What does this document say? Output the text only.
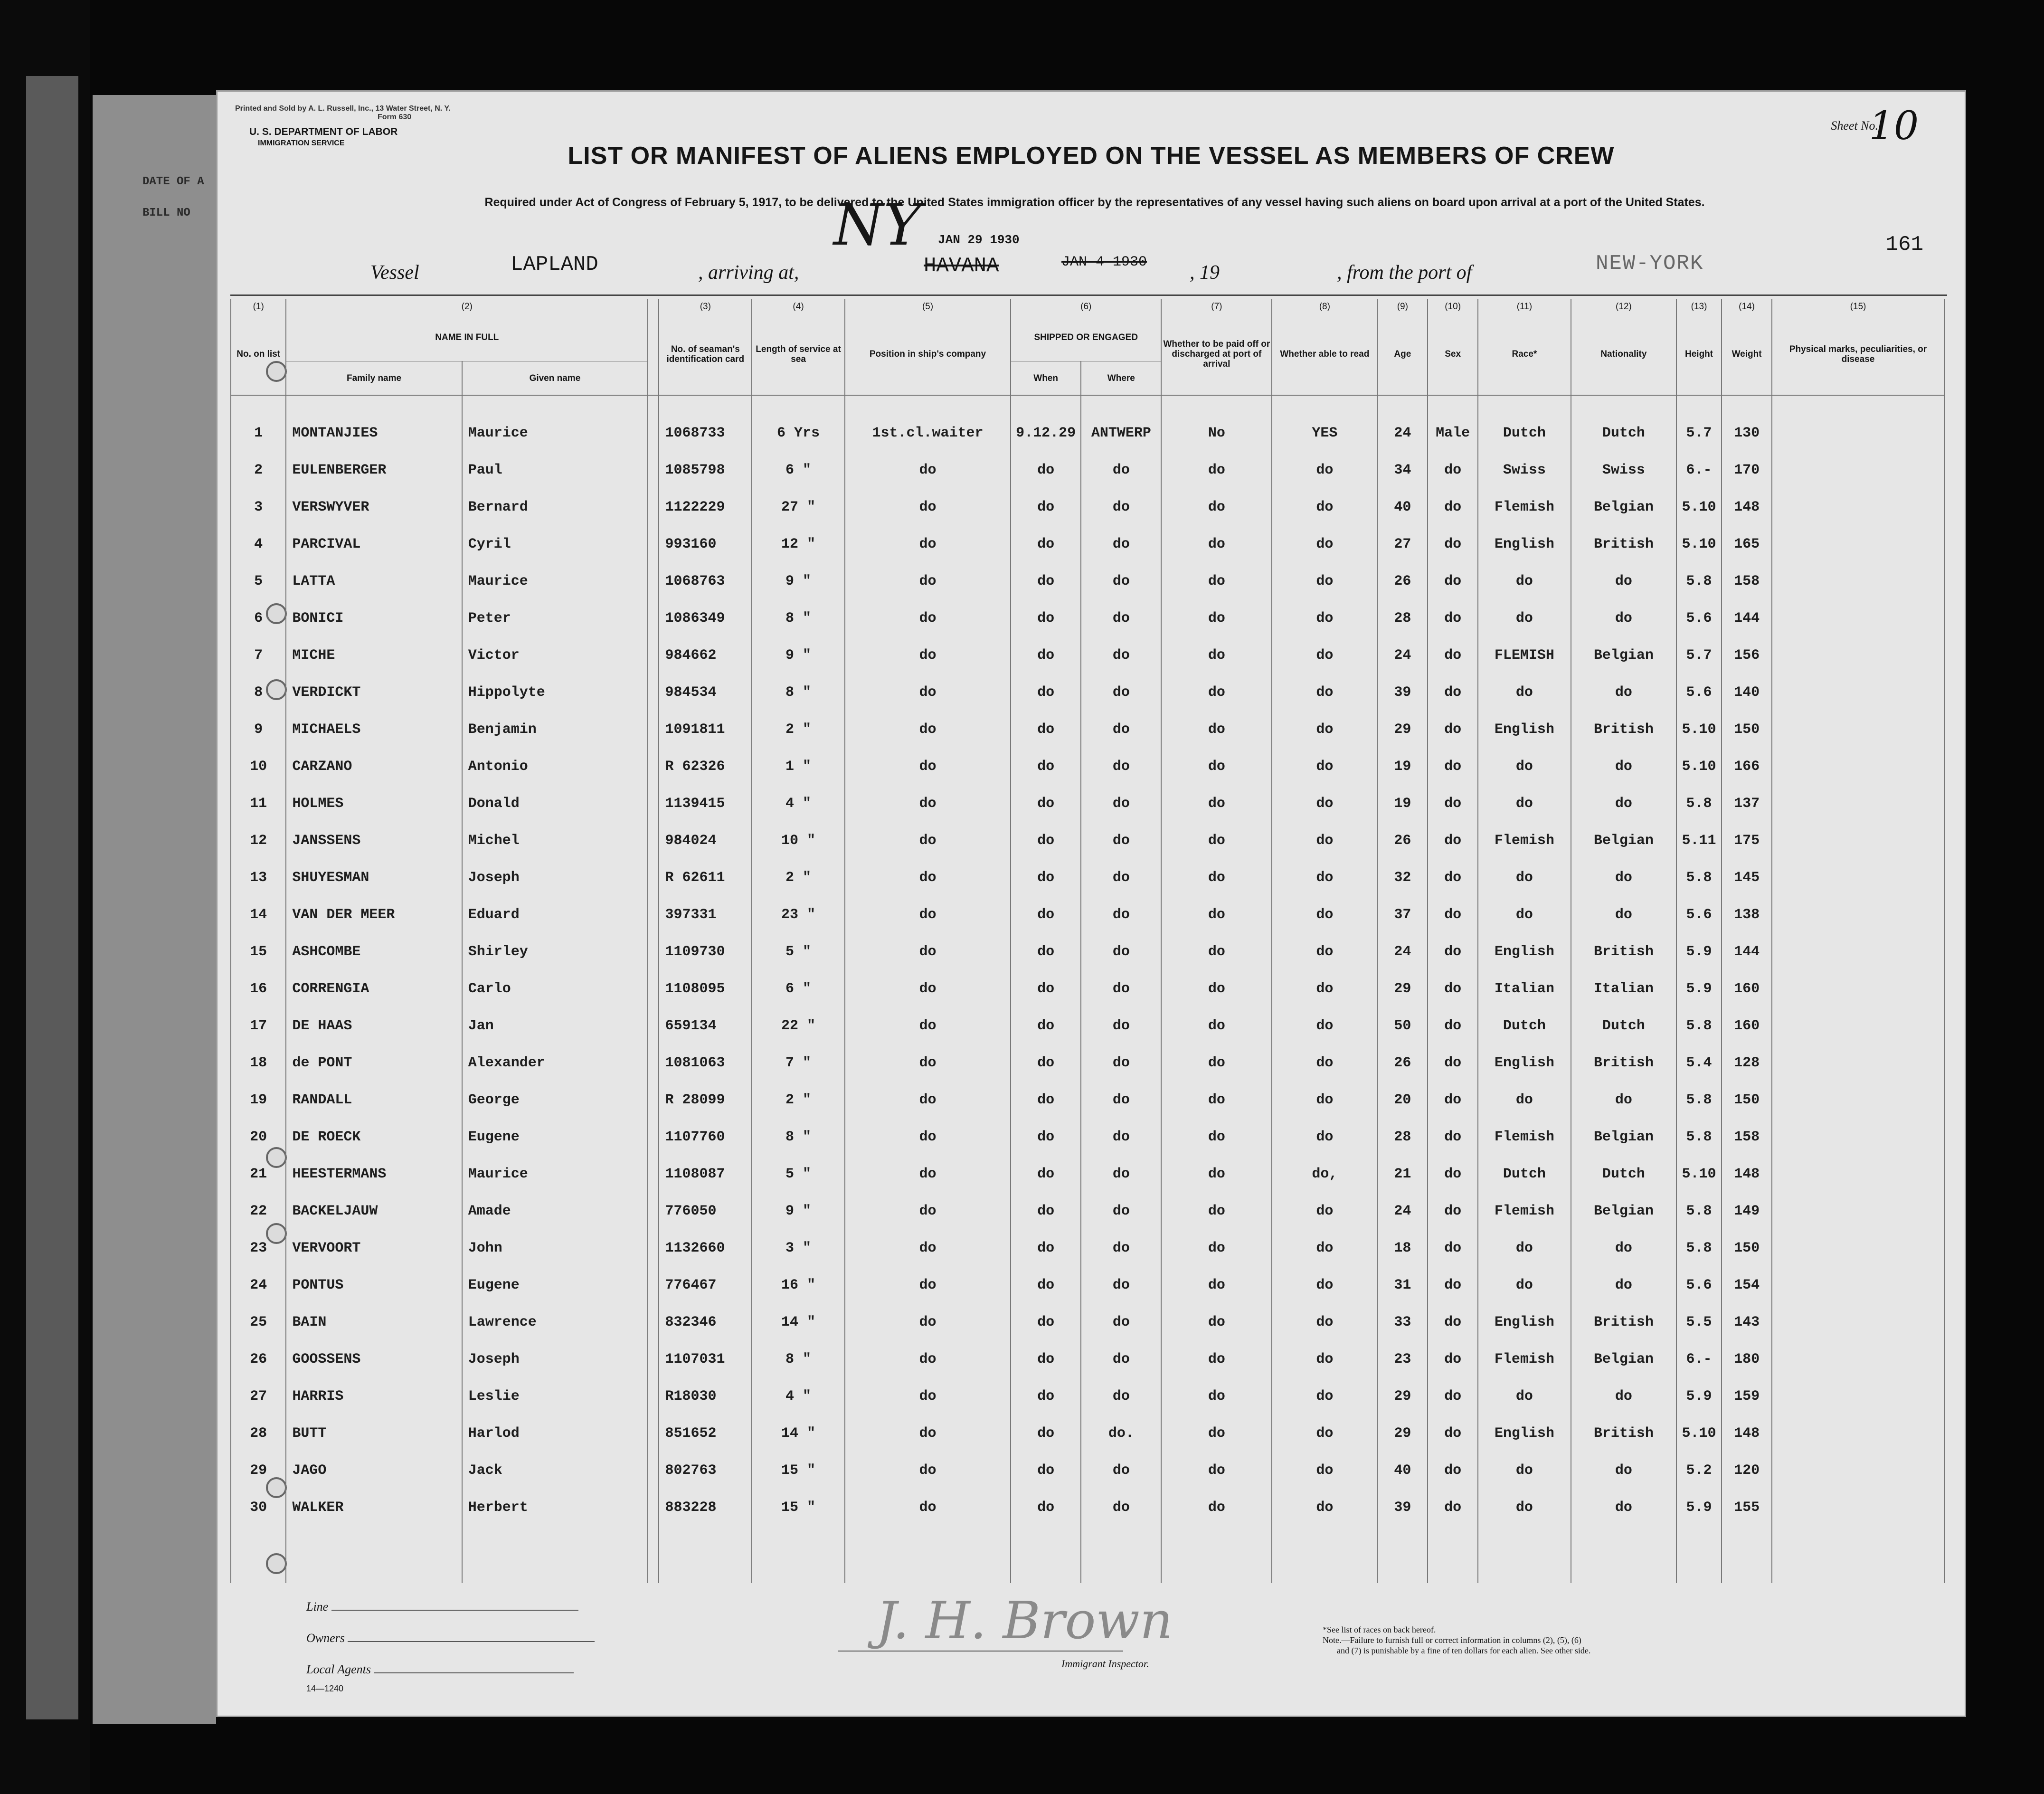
DATE OF A
BILL NO
Printed and Sold by A. L. Russell, Inc., 13 Water Street, N. Y.
Form 630
U. S. DEPARTMENT OF LABOR
IMMIGRATION SERVICE
Sheet No.
10
LIST OR MANIFEST OF ALIENS EMPLOYED ON THE VESSEL AS MEMBERS OF CREW
Required under Act of Congress of February 5, 1917, to be delivered to the United States immigration officer by the representatives of any vessel having such aliens on board upon arrival at a port of the United States.
161
Vessel	LAPLAND	, arriving at,
NY JAN 29 1930
HAVANA	JAN 4 1930 , 19	, from the port of	NEW-YORK
(1)	(2)			(3)	(4)	(5)	(6)		(7)	(8)	(9)	(10)	(11)	(12)	(13)	(14)	(15)
No. on list	NAME IN FULL			No. of seaman's identification card	Length of service at sea	Position in ship's company	SHIPPED OR ENGAGED		Whether to be paid off or discharged at port of arrival	Whether able to read	Age	Sex	Race*	Nationality	Height	Weight	Physical marks, peculiarities, or disease
	Family name	Given name					When	Where									
1	MONTANJIES	Maurice		1068733	6 Yrs	1st.cl.waiter	9.12.29	ANTWERP	No	YES	24	Male	Dutch	Dutch	5.7	130	
2	EULENBERGER	Paul		1085798	6 "	do	do	do	do	do	34	do	Swiss	Swiss	6.-	170	
3	VERSWYVER	Bernard		1122229	27 "	do	do	do	do	do	40	do	Flemish	Belgian	5.10	148	
4	PARCIVAL	Cyril		993160	12 "	do	do	do	do	do	27	do	English	British	5.10	165	
5	LATTA	Maurice		1068763	9 "	do	do	do	do	do	26	do	do	do	5.8	158	
6	BONICI	Peter		1086349	8 "	do	do	do	do	do	28	do	do	do	5.6	144	
7	MICHE	Victor		984662	9 "	do	do	do	do	do	24	do	FLEMISH	Belgian	5.7	156	
8	VERDICKT	Hippolyte		984534	8 "	do	do	do	do	do	39	do	do	do	5.6	140	
9	MICHAELS	Benjamin		1091811	2 "	do	do	do	do	do	29	do	English	British	5.10	150	
10	CARZANO	Antonio		R 62326	1 "	do	do	do	do	do	19	do	do	do	5.10	166	
11	HOLMES	Donald		1139415	4 "	do	do	do	do	do	19	do	do	do	5.8	137	
12	JANSSENS	Michel		984024	10 "	do	do	do	do	do	26	do	Flemish	Belgian	5.11	175	
13	SHUYESMAN	Joseph		R 62611	2 "	do	do	do	do	do	32	do	do	do	5.8	145	
14	VAN DER MEER	Eduard		397331	23 "	do	do	do	do	do	37	do	do	do	5.6	138	
15	ASHCOMBE	Shirley		1109730	5 "	do	do	do	do	do	24	do	English	British	5.9	144	
16	CORRENGIA	Carlo		1108095	6 "	do	do	do	do	do	29	do	Italian	Italian	5.9	160	
17	DE HAAS	Jan		659134	22 "	do	do	do	do	do	50	do	Dutch	Dutch	5.8	160	
18	de PONT	Alexander		1081063	7 "	do	do	do	do	do	26	do	English	British	5.4	128	
19	RANDALL	George		R 28099	2 "	do	do	do	do	do	20	do	do	do	5.8	150	
20	DE ROECK	Eugene		1107760	8 "	do	do	do	do	do	28	do	Flemish	Belgian	5.8	158	
21	HEESTERMANS	Maurice		1108087	5 "	do	do	do	do	do,	21	do	Dutch	Dutch	5.10	148	
22	BACKELJAUW	Amade		776050	9 "	do	do	do	do	do	24	do	Flemish	Belgian	5.8	149	
23	VERVOORT	John		1132660	3 "	do	do	do	do	do	18	do	do	do	5.8	150	
24	PONTUS	Eugene		776467	16 "	do	do	do	do	do	31	do	do	do	5.6	154	
25	BAIN	Lawrence		832346	14 "	do	do	do	do	do	33	do	English	British	5.5	143	
26	GOOSSENS	Joseph		1107031	8 "	do	do	do	do	do	23	do	Flemish	Belgian	6.-	180	
27	HARRIS	Leslie		R18030	4 "	do	do	do	do	do	29	do	do	do	5.9	159	
28	BUTT	Harlod		851652	14 "	do	do	do.	do	do	29	do	English	British	5.10	148	
29	JAGO	Jack		802763	15 "	do	do	do	do	do	40	do	do	do	5.2	120	
30	WALKER	Herbert		883228	15 "	do	do	do	do	do	39	do	do	do	5.9	155	

Line
Owners
Local Agents
14—1240
J. H. Brown
Immigrant Inspector.
*See list of races on back hereof.
Note.—Failure to furnish full or correct information in columns (2), (5), (6)
and (7) is punishable by a fine of ten dollars for each alien. See other side.
